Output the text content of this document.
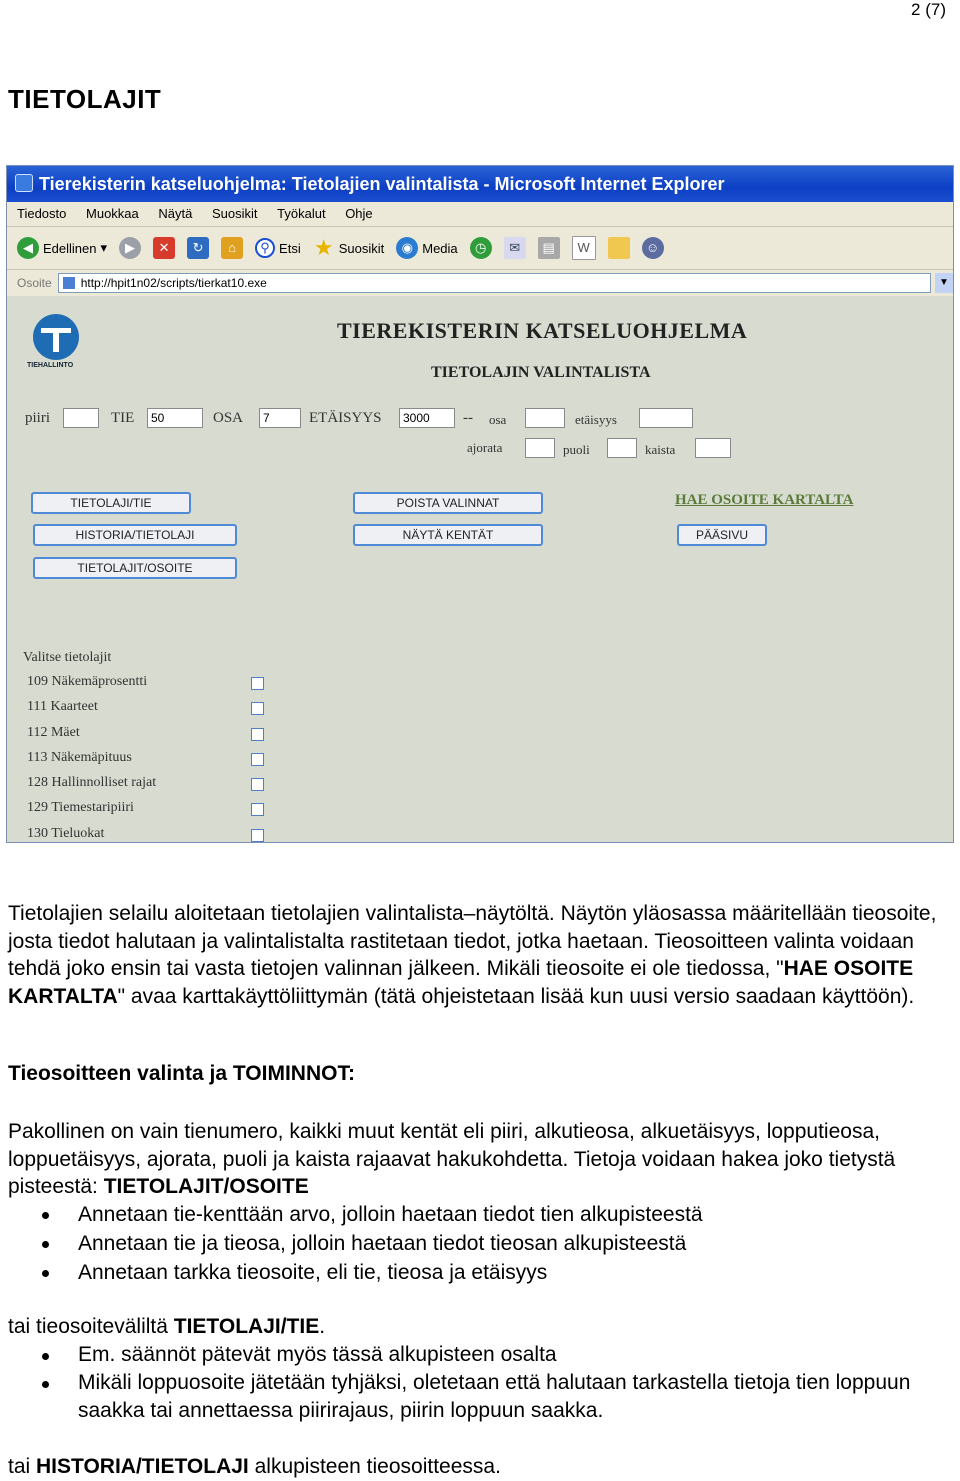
2 (7)
TIETOLAJIT
Tierekisterin katseluohjelma: Tietolajien valintalista - Microsoft Internet Explorer
Tiedosto Muokkaa Näytä Suosikit Työkalut Ohje
◀ Edellinen ▾	▶	✕	↻	⌂	⚲ Etsi ★ Suosikit	◉ Media	◷	✉	▤	W	☺
Osoite http://hpit1n02/scripts/tierkat10.exe	▼
TIEHALLINTO
TIEREKISTERIN KATSELUOHJELMA
TIETOLAJIN VALINTALISTA
piiri	TIE	50	OSA	7	ETÄISYYS	3000	-- osa	etäisyys
ajorata	puoli	kaista
TIETOLAJI/TIE
HISTORIA/TIETOLAJI
TIETOLAJIT/OSOITE
POISTA VALINNAT
NÄYTÄ KENTÄT
HAE OSOITE KARTALTA
PÄÄSIVU
Valitse tietolajit
109 Näkemäprosentti
111 Kaarteet
112 Mäet
113 Näkemäpituus
128 Hallinnolliset rajat
129 Tiemestaripiiri
130 Tieluokat
Tietolajien selailu aloitetaan tietolajien valintalista–näytöltä. Näytön yläosassa määritellään tieosoite, josta tiedot halutaan ja valintalistalta rastitetaan tiedot, jotka haetaan. Tieosoitteen valinta voidaan tehdä joko ensin tai vasta tietojen valinnan jälkeen. Mikäli tieosoite ei ole tiedossa, "HAE OSOITE KARTALTA" avaa karttakäyttöliittymän (tätä ohjeistetaan lisää kun uusi versio saadaan käyttöön).
Tieosoitteen valinta ja TOIMINNOT:
Pakollinen on vain tienumero, kaikki muut kentät eli piiri, alkutieosa, alkuetäisyys, lopputieosa, loppuetäisyys, ajorata, puoli ja kaista rajaavat hakukohdetta. Tietoja voidaan hakea joko tietystä pisteestä: TIETOLAJIT/OSOITE
Annetaan tie-kenttään arvo, jolloin haetaan tiedot tien alkupisteestä
Annetaan tie ja tieosa, jolloin haetaan tiedot tieosan alkupisteestä
Annetaan tarkka tieosoite, eli tie, tieosa ja etäisyys
tai tieosoiteväliltä TIETOLAJI/TIE.
Em. säännöt pätevät myös tässä alkupisteen osalta
Mikäli loppuosoite jätetään tyhjäksi, oletetaan että halutaan tarkastella tietoja tien loppuun saakka tai annettaessa piirirajaus, piirin loppuun saakka.
tai HISTORIA/TIETOLAJI alkupisteen tieosoitteessa.
